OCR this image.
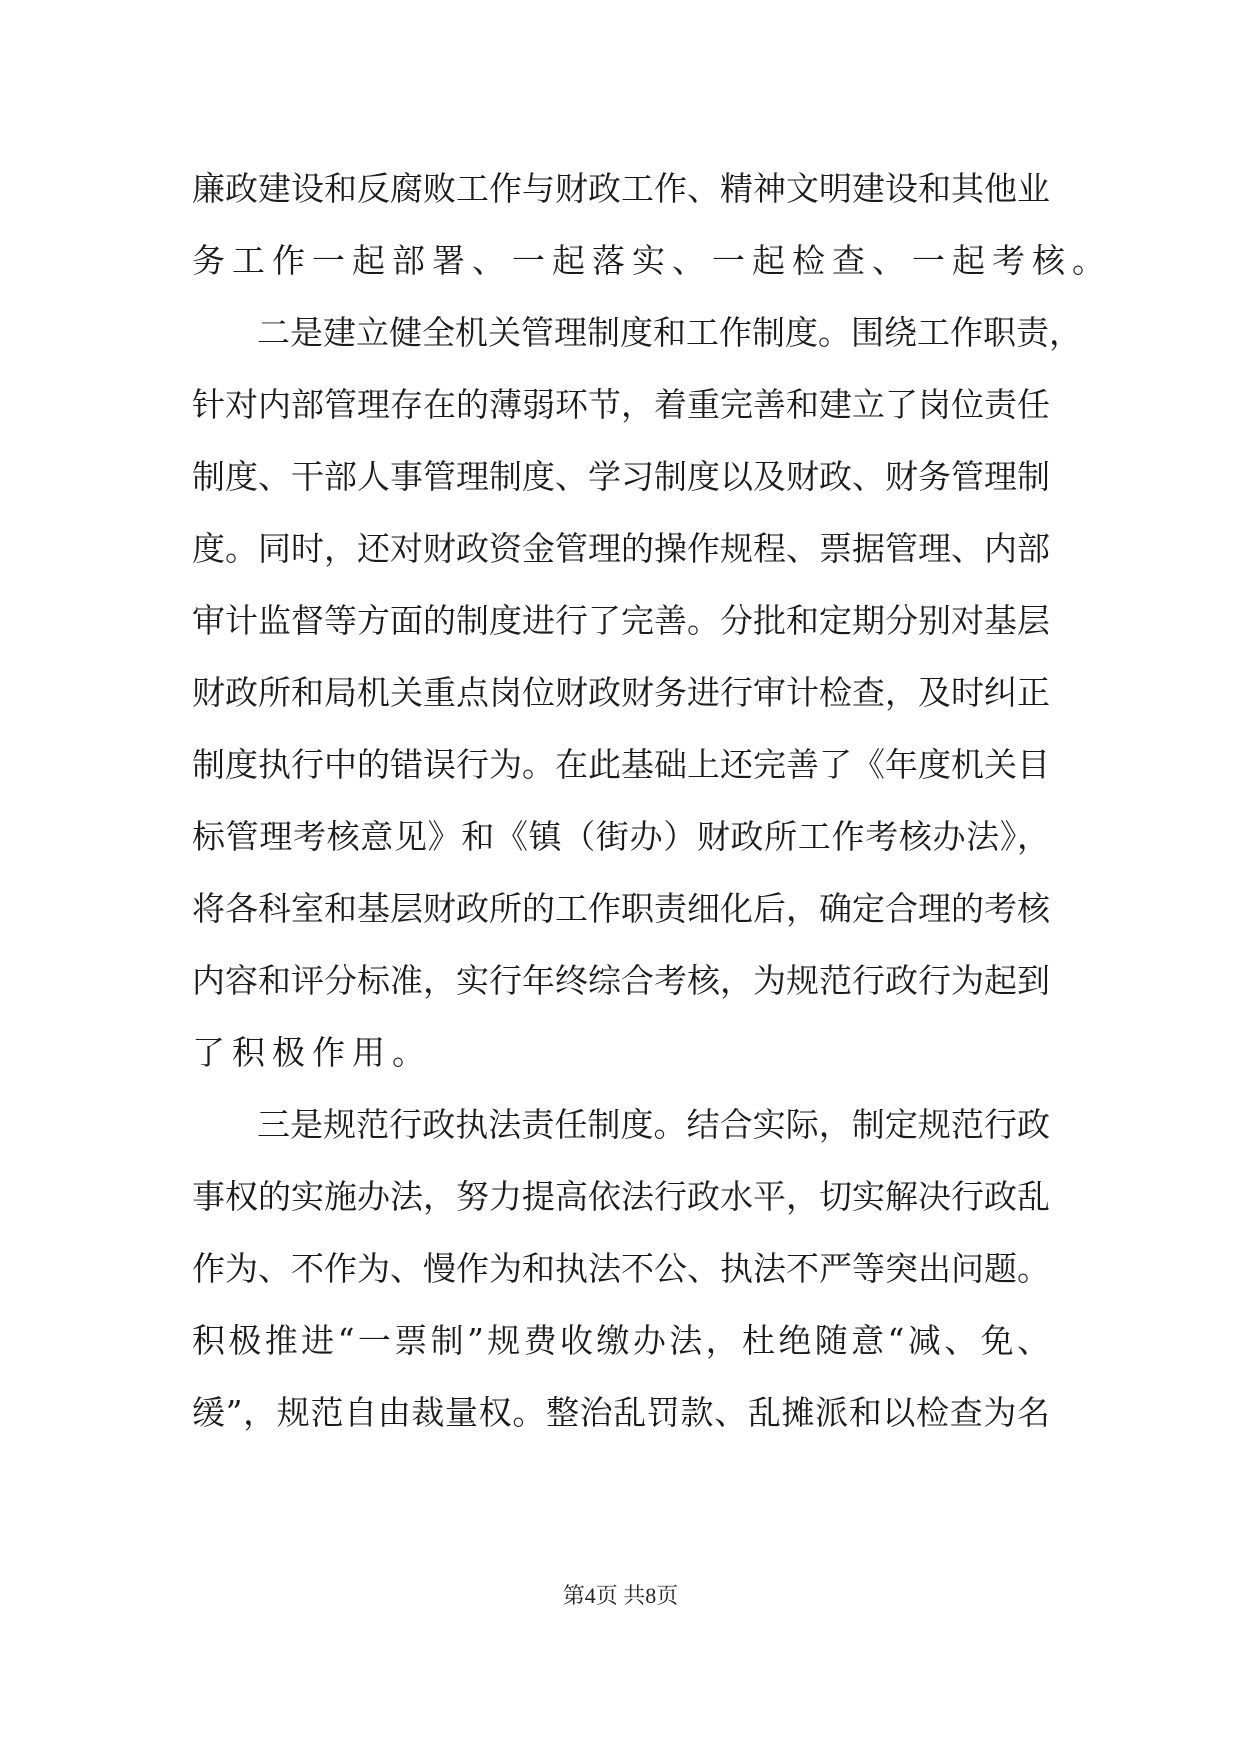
廉政建设和反腐败工作与财政工作、精神文明建设和其他业
务工作一起部署、一起落实、一起检查、一起考核。
二是建立健全机关管理制度和工作制度。围绕工作职责，
针对内部管理存在的薄弱环节，着重完善和建立了岗位责任
制度、干部人事管理制度、学习制度以及财政、财务管理制
度。同时，还对财政资金管理的操作规程、票据管理、内部
审计监督等方面的制度进行了完善。分批和定期分别对基层
财政所和局机关重点岗位财政财务进行审计检查，及时纠正
制度执行中的错误行为。在此基础上还完善了《年度机关目
标管理考核意见》和《镇（街办）财政所工作考核办法》，
将各科室和基层财政所的工作职责细化后，确定合理的考核
内容和评分标准，实行年终综合考核，为规范行政行为起到
了积极作用。
三是规范行政执法责任制度。结合实际，制定规范行政
事权的实施办法，努力提高依法行政水平，切实解决行政乱
作为、不作为、慢作为和执法不公、执法不严等突出问题。
积极推进“一票制”规费收缴办法，杜绝随意“减、免、
缓”，规范自由裁量权。整治乱罚款、乱摊派和以检查为名
第4页 共8页
